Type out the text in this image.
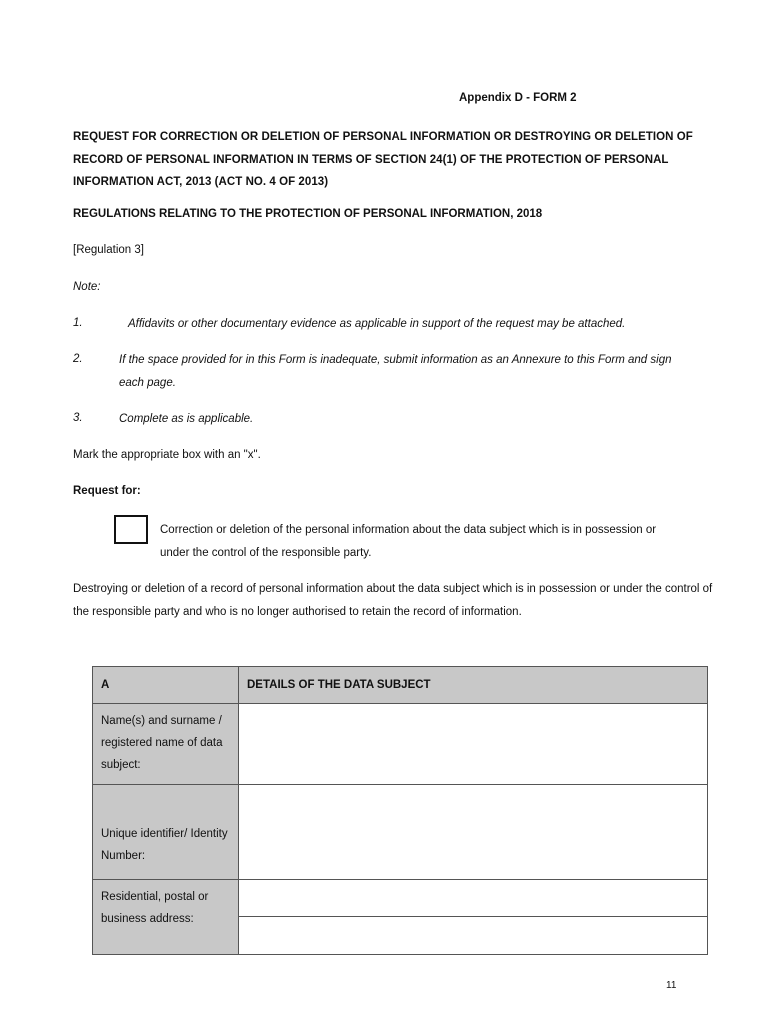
Appendix D - FORM 2
REQUEST FOR CORRECTION OR DELETION OF PERSONAL INFORMATION OR DESTROYING OR DELETION OF RECORD OF PERSONAL INFORMATION IN TERMS OF SECTION 24(1) OF THE PROTECTION OF PERSONAL INFORMATION ACT, 2013 (ACT NO. 4 OF 2013)
REGULATIONS RELATING TO THE PROTECTION OF PERSONAL INFORMATION, 2018
[Regulation 3]
Note:
1.	Affidavits or other documentary evidence as applicable in support of the request may be attached.
2.	If the space provided for in this Form is inadequate, submit information as an Annexure to this Form and sign each page.
3.	Complete as is applicable.
Mark the appropriate box with an "x".
Request for:
Correction or deletion of the personal information about the data subject which is in possession or under the control of the responsible party.
Destroying or deletion of a record of personal information about the data subject which is in possession or under the control of the responsible party and who is no longer authorised to retain the record of information.
A	DETAILS OF THE DATA SUBJECT
Name(s) and surname / registered name of data subject:	
Unique identifier/ Identity Number:	
Residential, postal or business address:	

11
